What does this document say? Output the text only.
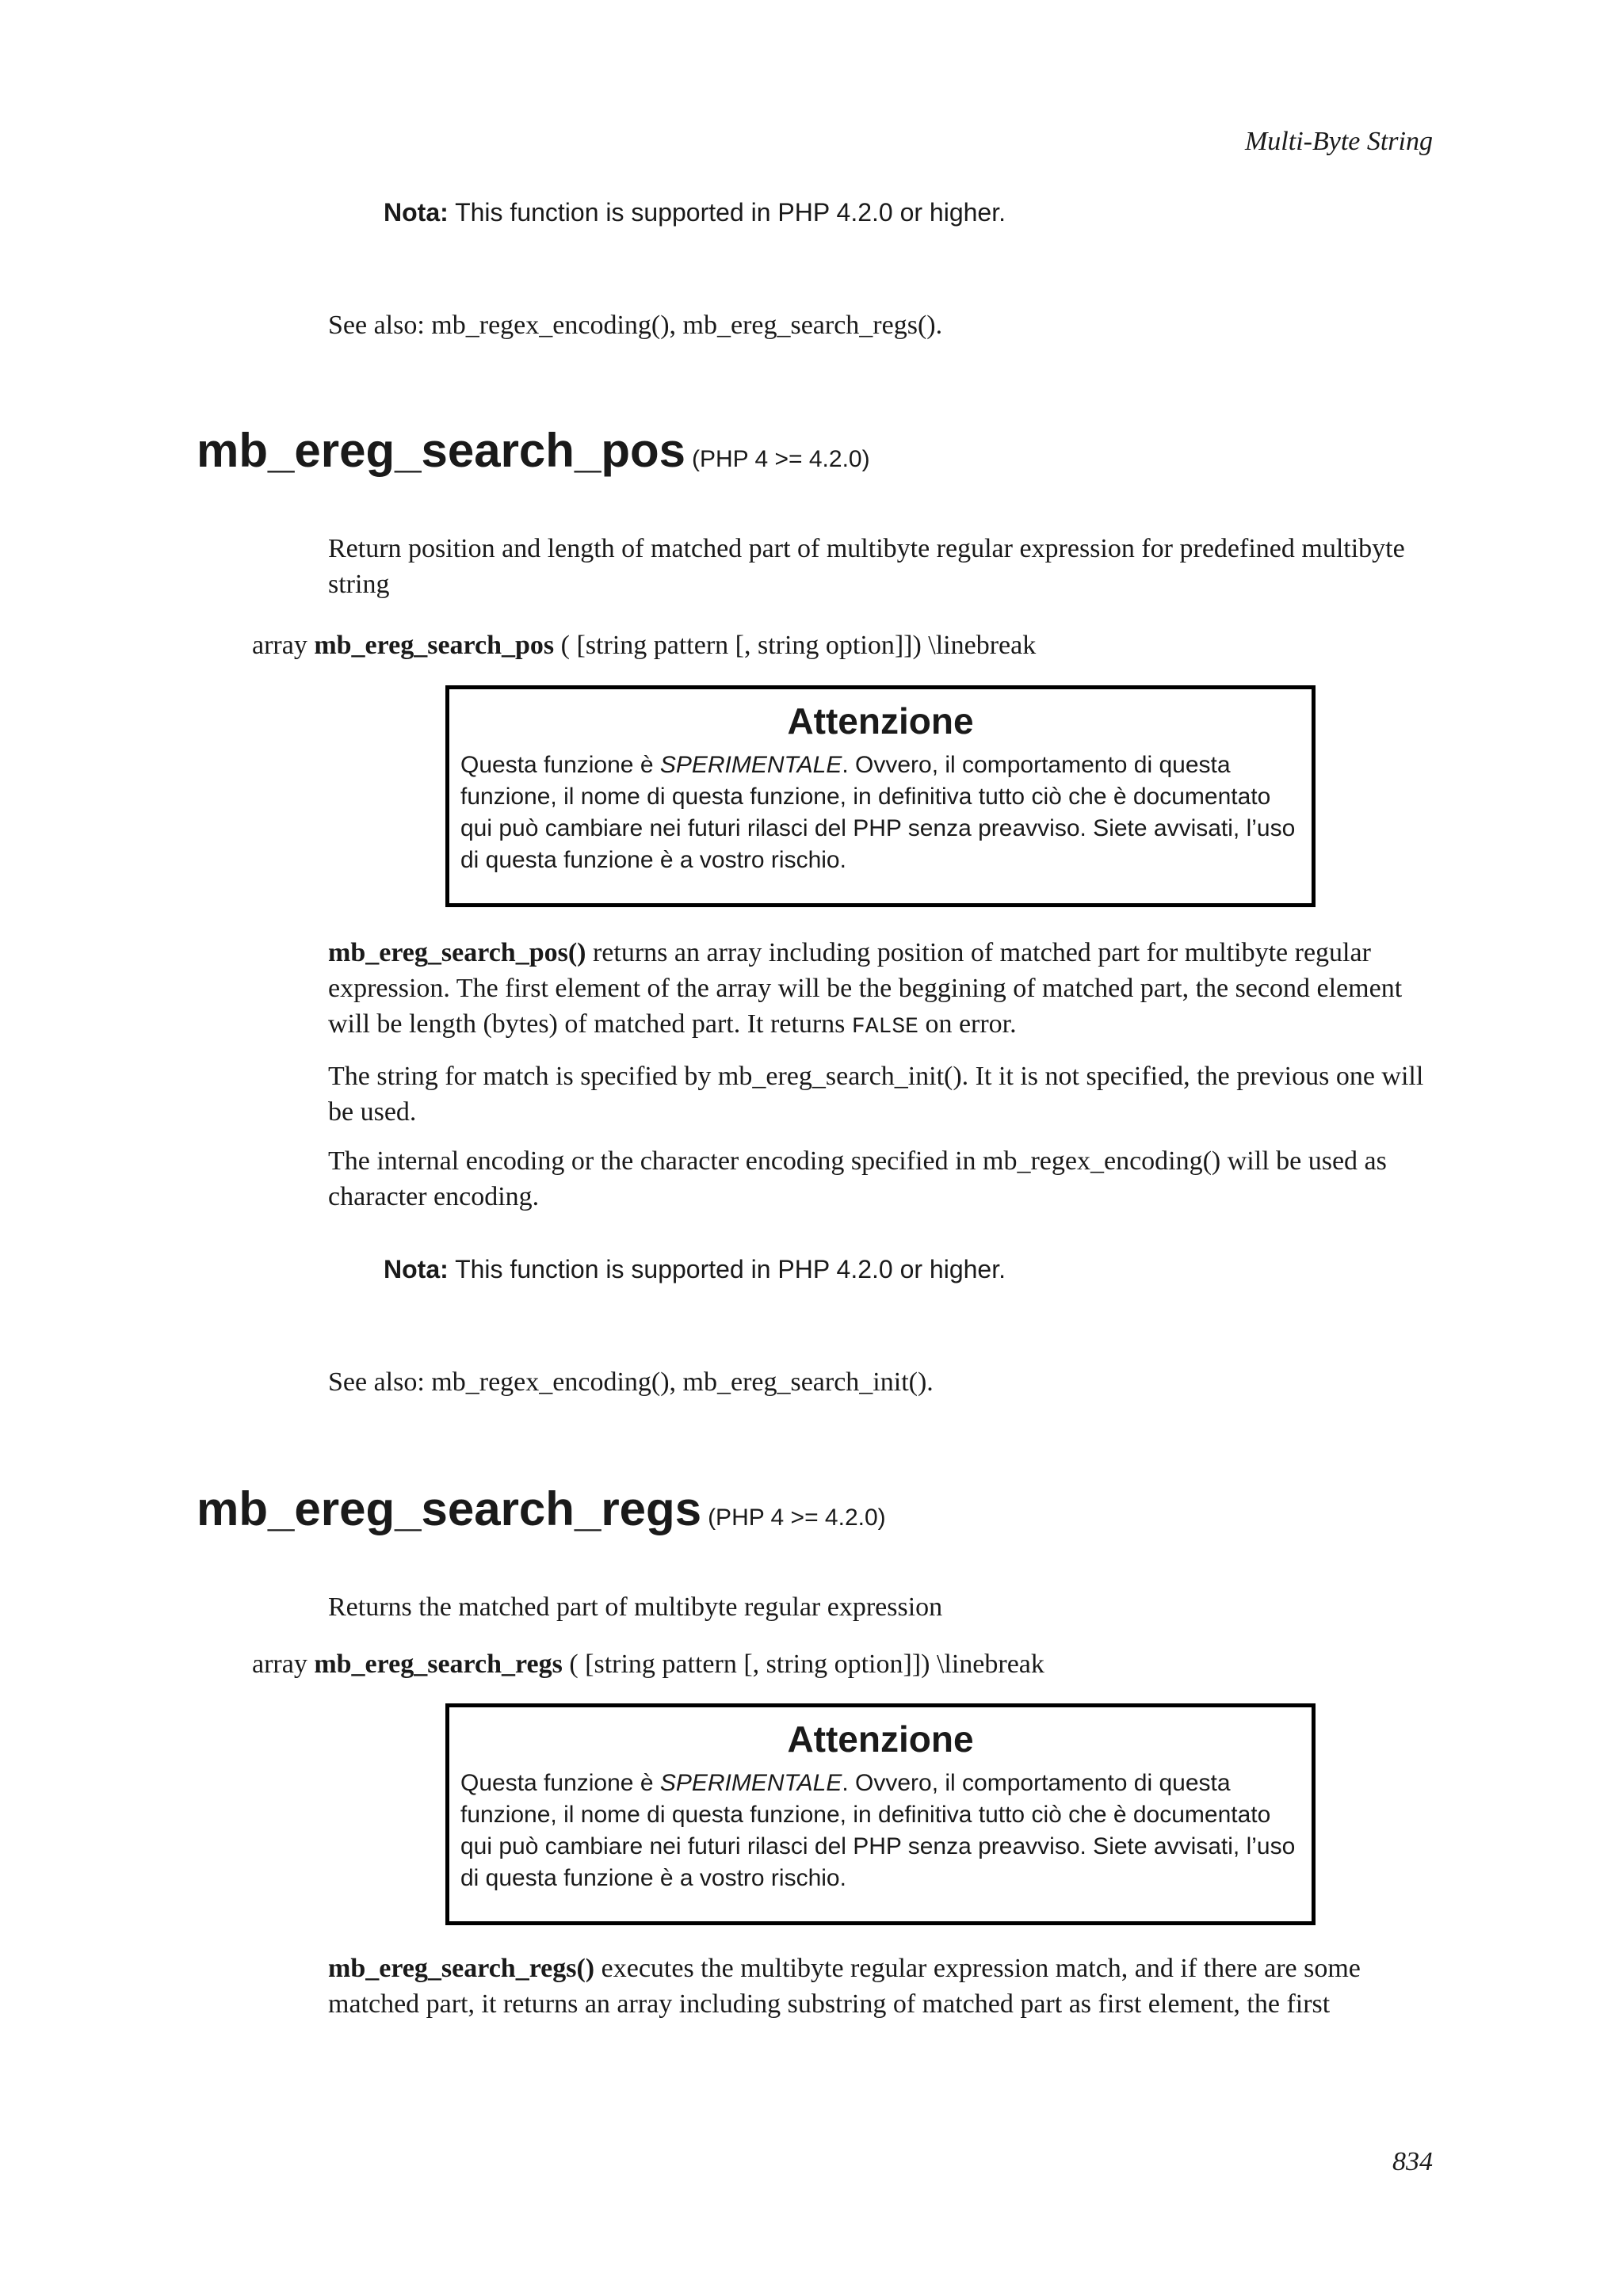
Multi-Byte String
Nota: This function is supported in PHP 4.2.0 or higher.
See also: mb_regex_encoding(), mb_ereg_search_regs().
mb_ereg_search_pos (PHP 4 >= 4.2.0)
Return position and length of matched part of multibyte regular expression for predefined multibyte string
array mb_ereg_search_pos ( [string pattern [, string option]]) \linebreak
Attenzione
Questa funzione è SPERIMENTALE. Ovvero, il comportamento di questa funzione, il nome di questa funzione, in definitiva tutto ciò che è documentato qui può cambiare nei futuri rilasci del PHP senza preavviso. Siete avvisati, l’uso di questa funzione è a vostro rischio.
mb_ereg_search_pos() returns an array including position of matched part for multibyte regular expression. The first element of the array will be the beggining of matched part, the second element will be length (bytes) of matched part. It returns FALSE on error.
The string for match is specified by mb_ereg_search_init(). It it is not specified, the previous one will be used.
The internal encoding or the character encoding specified in mb_regex_encoding() will be used as character encoding.
Nota: This function is supported in PHP 4.2.0 or higher.
See also: mb_regex_encoding(), mb_ereg_search_init().
mb_ereg_search_regs (PHP 4 >= 4.2.0)
Returns the matched part of multibyte regular expression
array mb_ereg_search_regs ( [string pattern [, string option]]) \linebreak
Attenzione
Questa funzione è SPERIMENTALE. Ovvero, il comportamento di questa funzione, il nome di questa funzione, in definitiva tutto ciò che è documentato qui può cambiare nei futuri rilasci del PHP senza preavviso. Siete avvisati, l’uso di questa funzione è a vostro rischio.
mb_ereg_search_regs() executes the multibyte regular expression match, and if there are some matched part, it returns an array including substring of matched part as first element, the first
834
